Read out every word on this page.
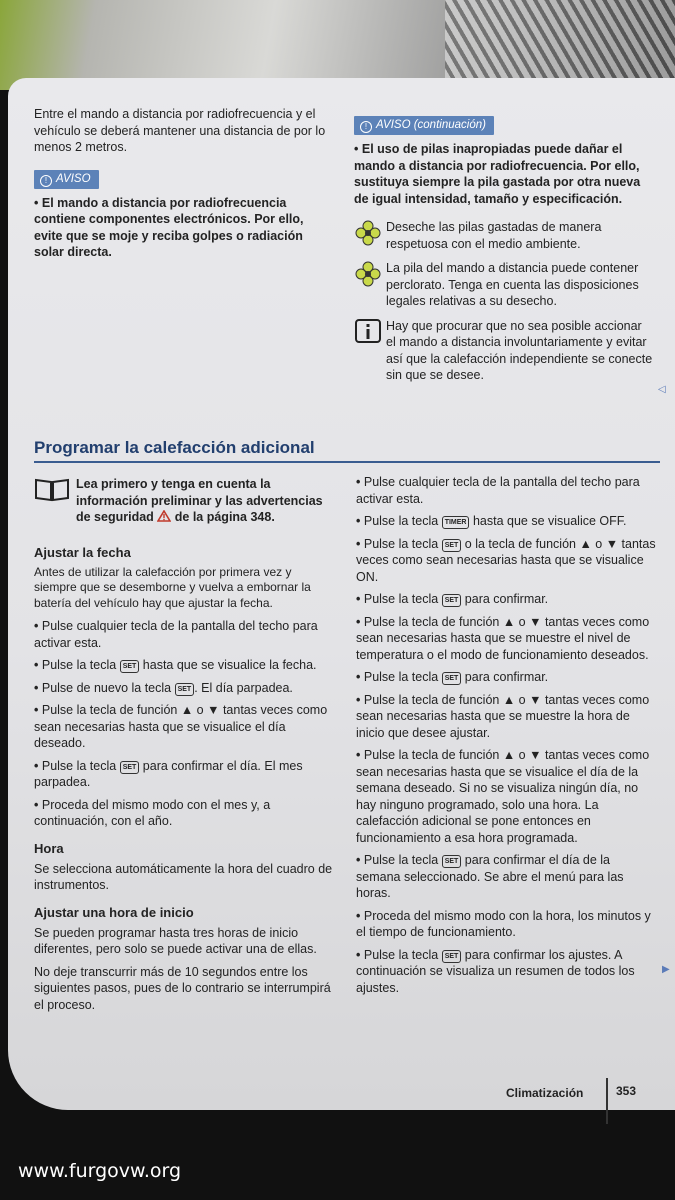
Entre el mando a distancia por radiofrecuencia y el vehículo se deberá mantener una distancia de por lo menos 2 metros.

! AVISO

• El mando a distancia por radiofrecuencia contiene componentes electrónicos. Por ello, evite que se moje y reciba golpes o radiación solar directa.

! AVISO (continuación)

• El uso de pilas inapropiadas puede dañar el mando a distancia por radiofrecuencia. Por ello, sustituya siempre la pila gastada por otra nueva de igual intensidad, tamaño y especificación.

Deseche las pilas gastadas de manera respetuosa con el medio ambiente.
La pila del mando a distancia puede contener perclorato. Tenga en cuenta las disposiciones legales relativas a su desecho.
Hay que procurar que no sea posible accionar el mando a distancia involuntariamente y evitar así que la calefacción independiente se conecte sin que se desee.
◁
Programar la calefacción adicional
Lea primero y tenga en cuenta la información preliminar y las advertencias de seguridad de la página 348.
Ajustar la fecha

Antes de utilizar la calefacción por primera vez y siempre que se desemborne y vuelva a embornar la batería del vehículo hay que ajustar la fecha.

• Pulse cualquier tecla de la pantalla del techo para activar esta.

• Pulse la tecla SET hasta que se visualice la fecha.

• Pulse de nuevo la tecla SET . El día parpadea.

• Pulse la tecla de función ▲ o ▼ tantas veces como sean necesarias hasta que se visualice el día deseado.

• Pulse la tecla SET para confirmar el día. El mes parpadea.

• Proceda del mismo modo con el mes y, a continuación, con el año.

Hora

Se selecciona automáticamente la hora del cuadro de instrumentos.

Ajustar una hora de inicio

Se pueden programar hasta tres horas de inicio diferentes, pero solo se puede activar una de ellas.

No deje transcurrir más de 10 segundos entre los siguientes pasos, pues de lo contrario se interrumpirá el proceso.

• Pulse cualquier tecla de la pantalla del techo para activar esta.

• Pulse la tecla TIMER hasta que se visualice OFF.

• Pulse la tecla SET o la tecla de función ▲ o ▼ tantas veces como sean necesarias hasta que se visualice ON.

• Pulse la tecla SET para confirmar.

• Pulse la tecla de función ▲ o ▼ tantas veces como sean necesarias hasta que se muestre el nivel de temperatura o el modo de funcionamiento deseados.

• Pulse la tecla SET para confirmar.

• Pulse la tecla de función ▲ o ▼ tantas veces como sean necesarias hasta que se muestre la hora de inicio que desee ajustar.

• Pulse la tecla de función ▲ o ▼ tantas veces como sean necesarias hasta que se visualice el día de la semana deseado. Si no se visualiza ningún día, no hay ninguno programado, solo una hora. La calefacción adicional se pone entonces en funcionamiento a esa hora programada.

• Pulse la tecla SET para confirmar el día de la semana seleccionado. Se abre el menú para las horas.

• Proceda del mismo modo con la hora, los minutos y el tiempo de funcionamiento.

• Pulse la tecla SET para confirmar los ajustes. A continuación se visualiza un resumen de todos los ajustes.

▶
Climatización	353
www.furgovw.org
